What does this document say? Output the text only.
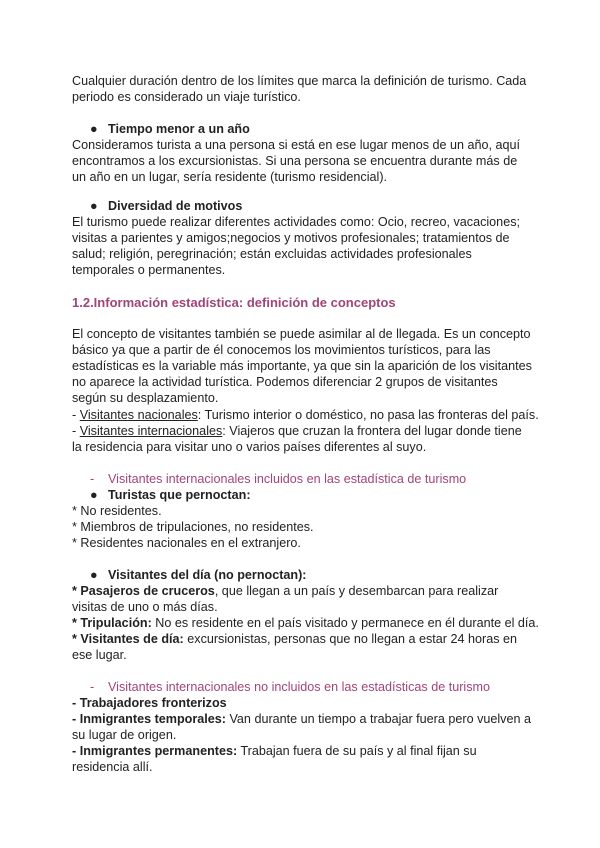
Cualquier duración dentro de los límites que marca la definición de turismo. Cada periodo es considerado un viaje turístico.

● Tiempo menor a un año

Consideramos turista a una persona si está en ese lugar menos de un año, aquí encontramos a los excursionistas. Si una persona se encuentra durante más de un año en un lugar, sería residente (turismo residencial).

● Diversidad de motivos

El turismo puede realizar diferentes actividades como: Ocio, recreo, vacaciones; visitas a parientes y amigos;negocios y motivos profesionales; tratamientos de salud; religión, peregrinación; están excluidas actividades profesionales temporales o permanentes.

1.2.Información estadística: definición de conceptos

El concepto de visitantes también se puede asimilar al de llegada. Es un concepto básico ya que a partir de él conocemos los movimientos turísticos, para las estadísticas es la variable más importante, ya que sin la aparición de los visitantes no aparece la actividad turística. Podemos diferenciar 2 grupos de visitantes según su desplazamiento.

- Visitantes nacionales: Turismo interior o doméstico, no pasa las fronteras del país.

- Visitantes internacionales: Viajeros que cruzan la frontera del lugar donde tiene la residencia para visitar uno o varios países diferentes al suyo.

- Visitantes internacionales incluidos en las estadística de turismo

● Turistas que pernoctan:

* No residentes.

* Miembros de tripulaciones, no residentes.

* Residentes nacionales en el extranjero.

● Visitantes del día (no pernoctan):

* Pasajeros de cruceros, que llegan a un país y desembarcan para realizar visitas de uno o más días.

* Tripulación: No es residente en el país visitado y permanece en él durante el día.

* Visitantes de día: excursionistas, personas que no llegan a estar 24 horas en ese lugar.

- Visitantes internacionales no incluidos en las estadísticas de turismo

- Trabajadores fronterizos

- Inmigrantes temporales: Van durante un tiempo a trabajar fuera pero vuelven a su lugar de origen.

- Inmigrantes permanentes: Trabajan fuera de su país y al final fijan su residencia allí.
